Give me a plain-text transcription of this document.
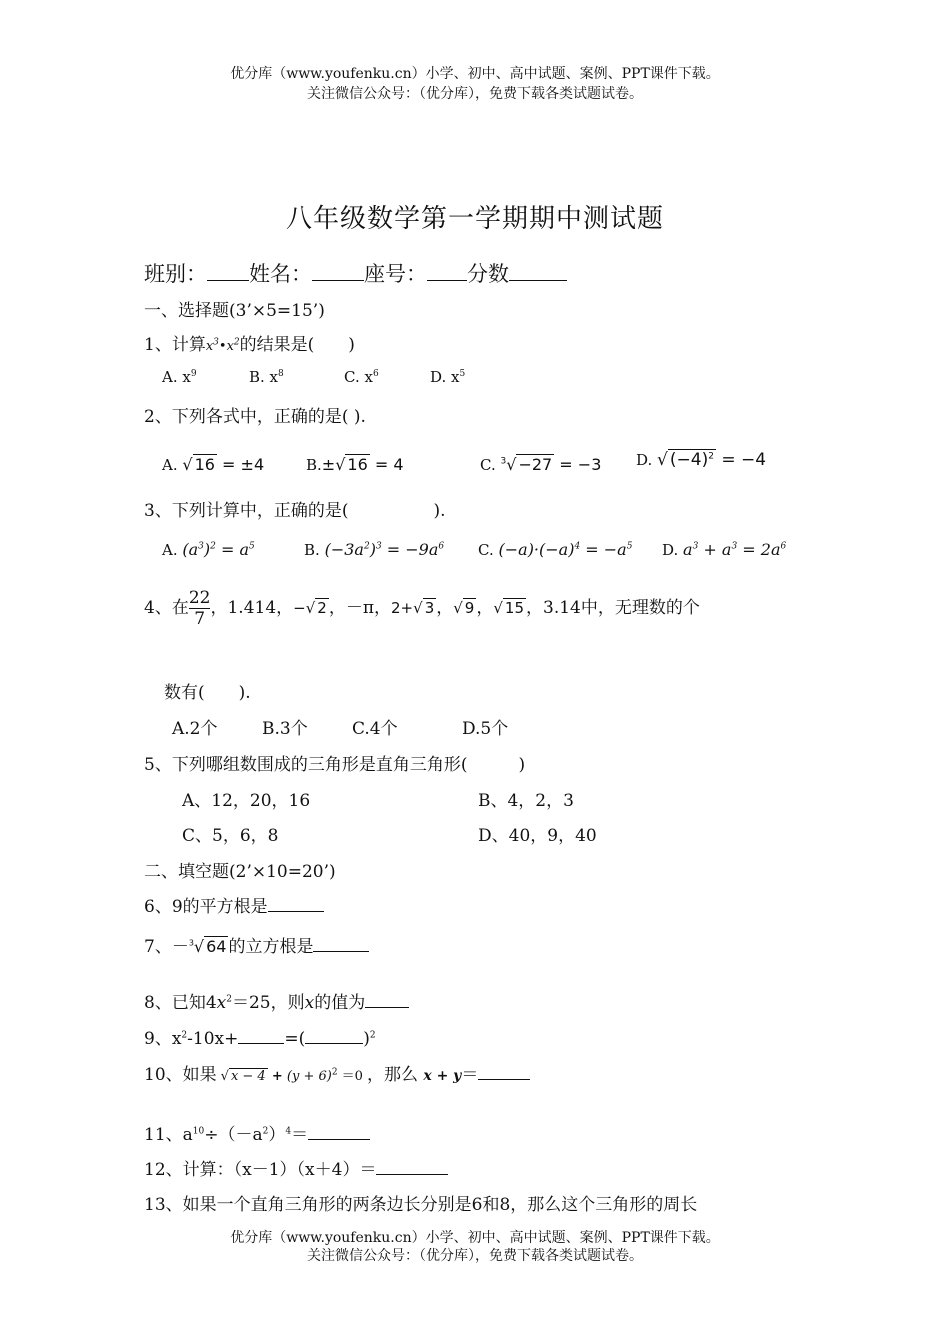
优分库（www.youfenku.cn）小学、初中、高中试题、案例、PPT课件下载。
关注微信公众号：（优分库），免费下载各类试题试卷。
八年级数学第一学期期中测试题
班别： 姓名： 座号： 分数
一、选择题(3’×5=15’)
1、计算$x^3•x^2$的结果是(　　)
A. $x^9$	B. $x^8$	C. $x^6$	D. $x^5$
2、下列各式中，正确的是( ).
A. √ 16 = ±4	B.±√ 16 = 4	C. $^3$√ −27 = −3 D. √ $(-4)^2 = -4$
3、下列计算中，正确的是(　　　　　).
A. $(a^3)^2 = a^5$	B. $(-3a^2)^3 = -9a^6$ C. $(-a)\cdot(-a)^4 = -a^5$ D. $a^3 + a^3 = 2a^6$
4、在 $\frac{22}{7}$ ，1.414，−√ 2 ，－π，2+√ 3 ，√ 9 ，√ 15 ，3.14中，无理数的个
数有(　　).
A.2个	B.3个	C.4个	D.5个
5、下列哪组数围成的三角形是直角三角形(　　　)
A、12，20，16	B、4，2，3
C、5，6，8	D、40，9，40
二、填空题(2’×10=20’)
6、9的平方根是
7、－$^3$√ 64 的立方根是
8、已知$4x^2=25$，则x的值为
9、$x^2-10x+$	=(	)$^2$
10、如果 √ $x - 4 + (y + 6)^2 =0$ ，那么 x + y＝
11、$a^{10}\div(-a^2)^4=$
12、计算：（x－1）（x＋4）＝
13、如果一个直角三角形的两条边长分别是6和8，那么这个三角形的周长
优分库（www.youfenku.cn）小学、初中、高中试题、案例、PPT课件下载。
关注微信公众号：（优分库），免费下载各类试题试卷。
